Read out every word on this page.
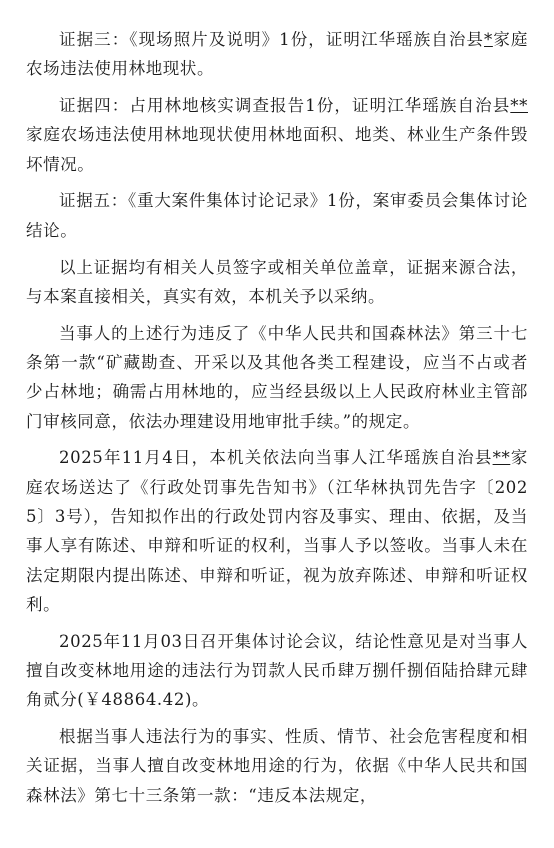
证据三：《现场照片及说明》1份，证明江华瑶族自治县*家庭农场违法使用林地现状。

证据四：占用林地核实调查报告1份，证明江华瑶族自治县**家庭农场违法使用林地现状使用林地面积、地类、林业生产条件毁坏情况。

证据五：《重大案件集体讨论记录》1份，案审委员会集体讨论结论。

以上证据均有相关人员签字或相关单位盖章，证据来源合法，与本案直接相关，真实有效，本机关予以采纳。

当事人的上述行为违反了《中华人民共和国森林法》第三十七条第一款“矿藏勘查、开采以及其他各类工程建设，应当不占或者少占林地；确需占用林地的，应当经县级以上人民政府林业主管部门审核同意，依法办理建设用地审批手续。”的规定。

2025年11月4日，本机关依法向当事人江华瑶族自治县**家庭农场送达了《行政处罚事先告知书》（江华林执罚先告字〔2025〕3号），告知拟作出的行政处罚内容及事实、理由、依据，及当事人享有陈述、申辩和听证的权利，当事人予以签收。当事人未在法定期限内提出陈述、申辩和听证，视为放弃陈述、申辩和听证权利。

2025年11月03日召开集体讨论会议，结论性意见是对当事人擅自改变林地用途的违法行为罚款人民币肆万捌仟捌佰陆拾肆元肆角贰分(￥48864.42)。

根据当事人违法行为的事实、性质、情节、社会危害程度和相关证据，当事人擅自改变林地用途的行为，依据《中华人民共和国森林法》第七十三条第一款：“违反本法规定，
